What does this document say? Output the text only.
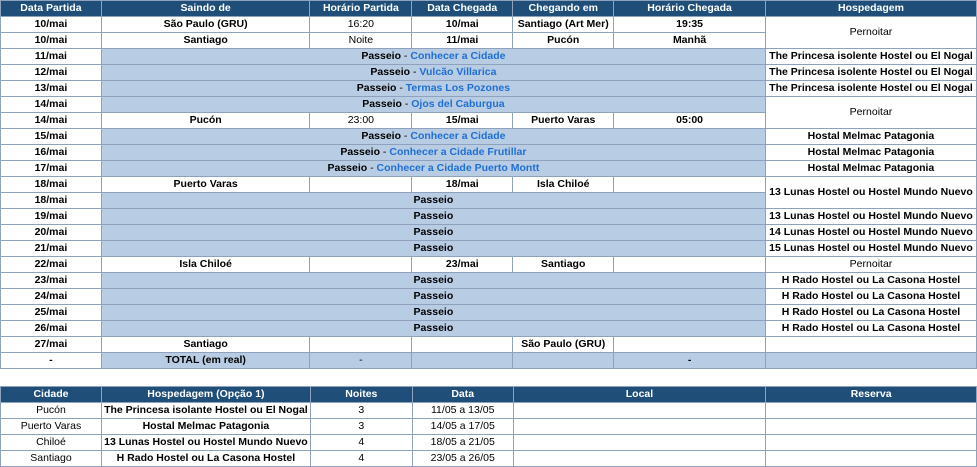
Data Partida	Saindo de	Horário Partida	Data Chegada	Chegando em	Horário Chegada	Hospedagem
10/mai	São Paulo (GRU)	16:20	10/mai	Santiago (Art Mer)	19:35	Pernoitar
10/mai	Santiago	Noite	11/mai	Pucón	Manhã	
11/mai	Passeio - Conhecer a Cidade					The Princesa isolente Hostel ou El Nogal
12/mai	Passeio - Vulcão Villarica					The Princesa isolente Hostel ou El Nogal
13/mai	Passeio - Termas Los Pozones					The Princesa isolente Hostel ou El Nogal
14/mai	Passeio - Ojos del Caburgua					Pernoitar
14/mai	Pucón	23:00	15/mai	Puerto Varas	05:00	
15/mai	Passeio - Conhecer a Cidade					Hostal Melmac Patagonia
16/mai	Passeio - Conhecer a Cidade Frutillar					Hostal Melmac Patagonia
17/mai	Passeio - Conhecer a Cidade Puerto Montt					Hostal Melmac Patagonia
18/mai	Puerto Varas		18/mai	Isla Chiloé		13 Lunas Hostel ou Hostel Mundo Nuevo
18/mai	Passeio					
19/mai	Passeio					13 Lunas Hostel ou Hostel Mundo Nuevo
20/mai	Passeio					14 Lunas Hostel ou Hostel Mundo Nuevo
21/mai	Passeio					15 Lunas Hostel ou Hostel Mundo Nuevo
22/mai	Isla Chiloé		23/mai	Santiago		Pernoitar
23/mai	Passeio					H Rado Hostel ou La Casona Hostel
24/mai	Passeio					H Rado Hostel ou La Casona Hostel
25/mai	Passeio					H Rado Hostel ou La Casona Hostel
26/mai	Passeio					H Rado Hostel ou La Casona Hostel
27/mai	Santiago			São Paulo (GRU)		
-	TOTAL (em real)	-			-	
Cidade	Hospedagem (Opção 1)	Noites	Data	Local	Reserva
Pucón	The Princesa isolante Hostel ou El Nogal	3	11/05 a 13/05		
Puerto Varas	Hostal Melmac Patagonia	3	14/05 a 17/05		
Chiloé	13 Lunas Hostel ou Hostel Mundo Nuevo	4	18/05 a 21/05		
Santiago	H Rado Hostel ou La Casona Hostel	4	23/05 a 26/05		
